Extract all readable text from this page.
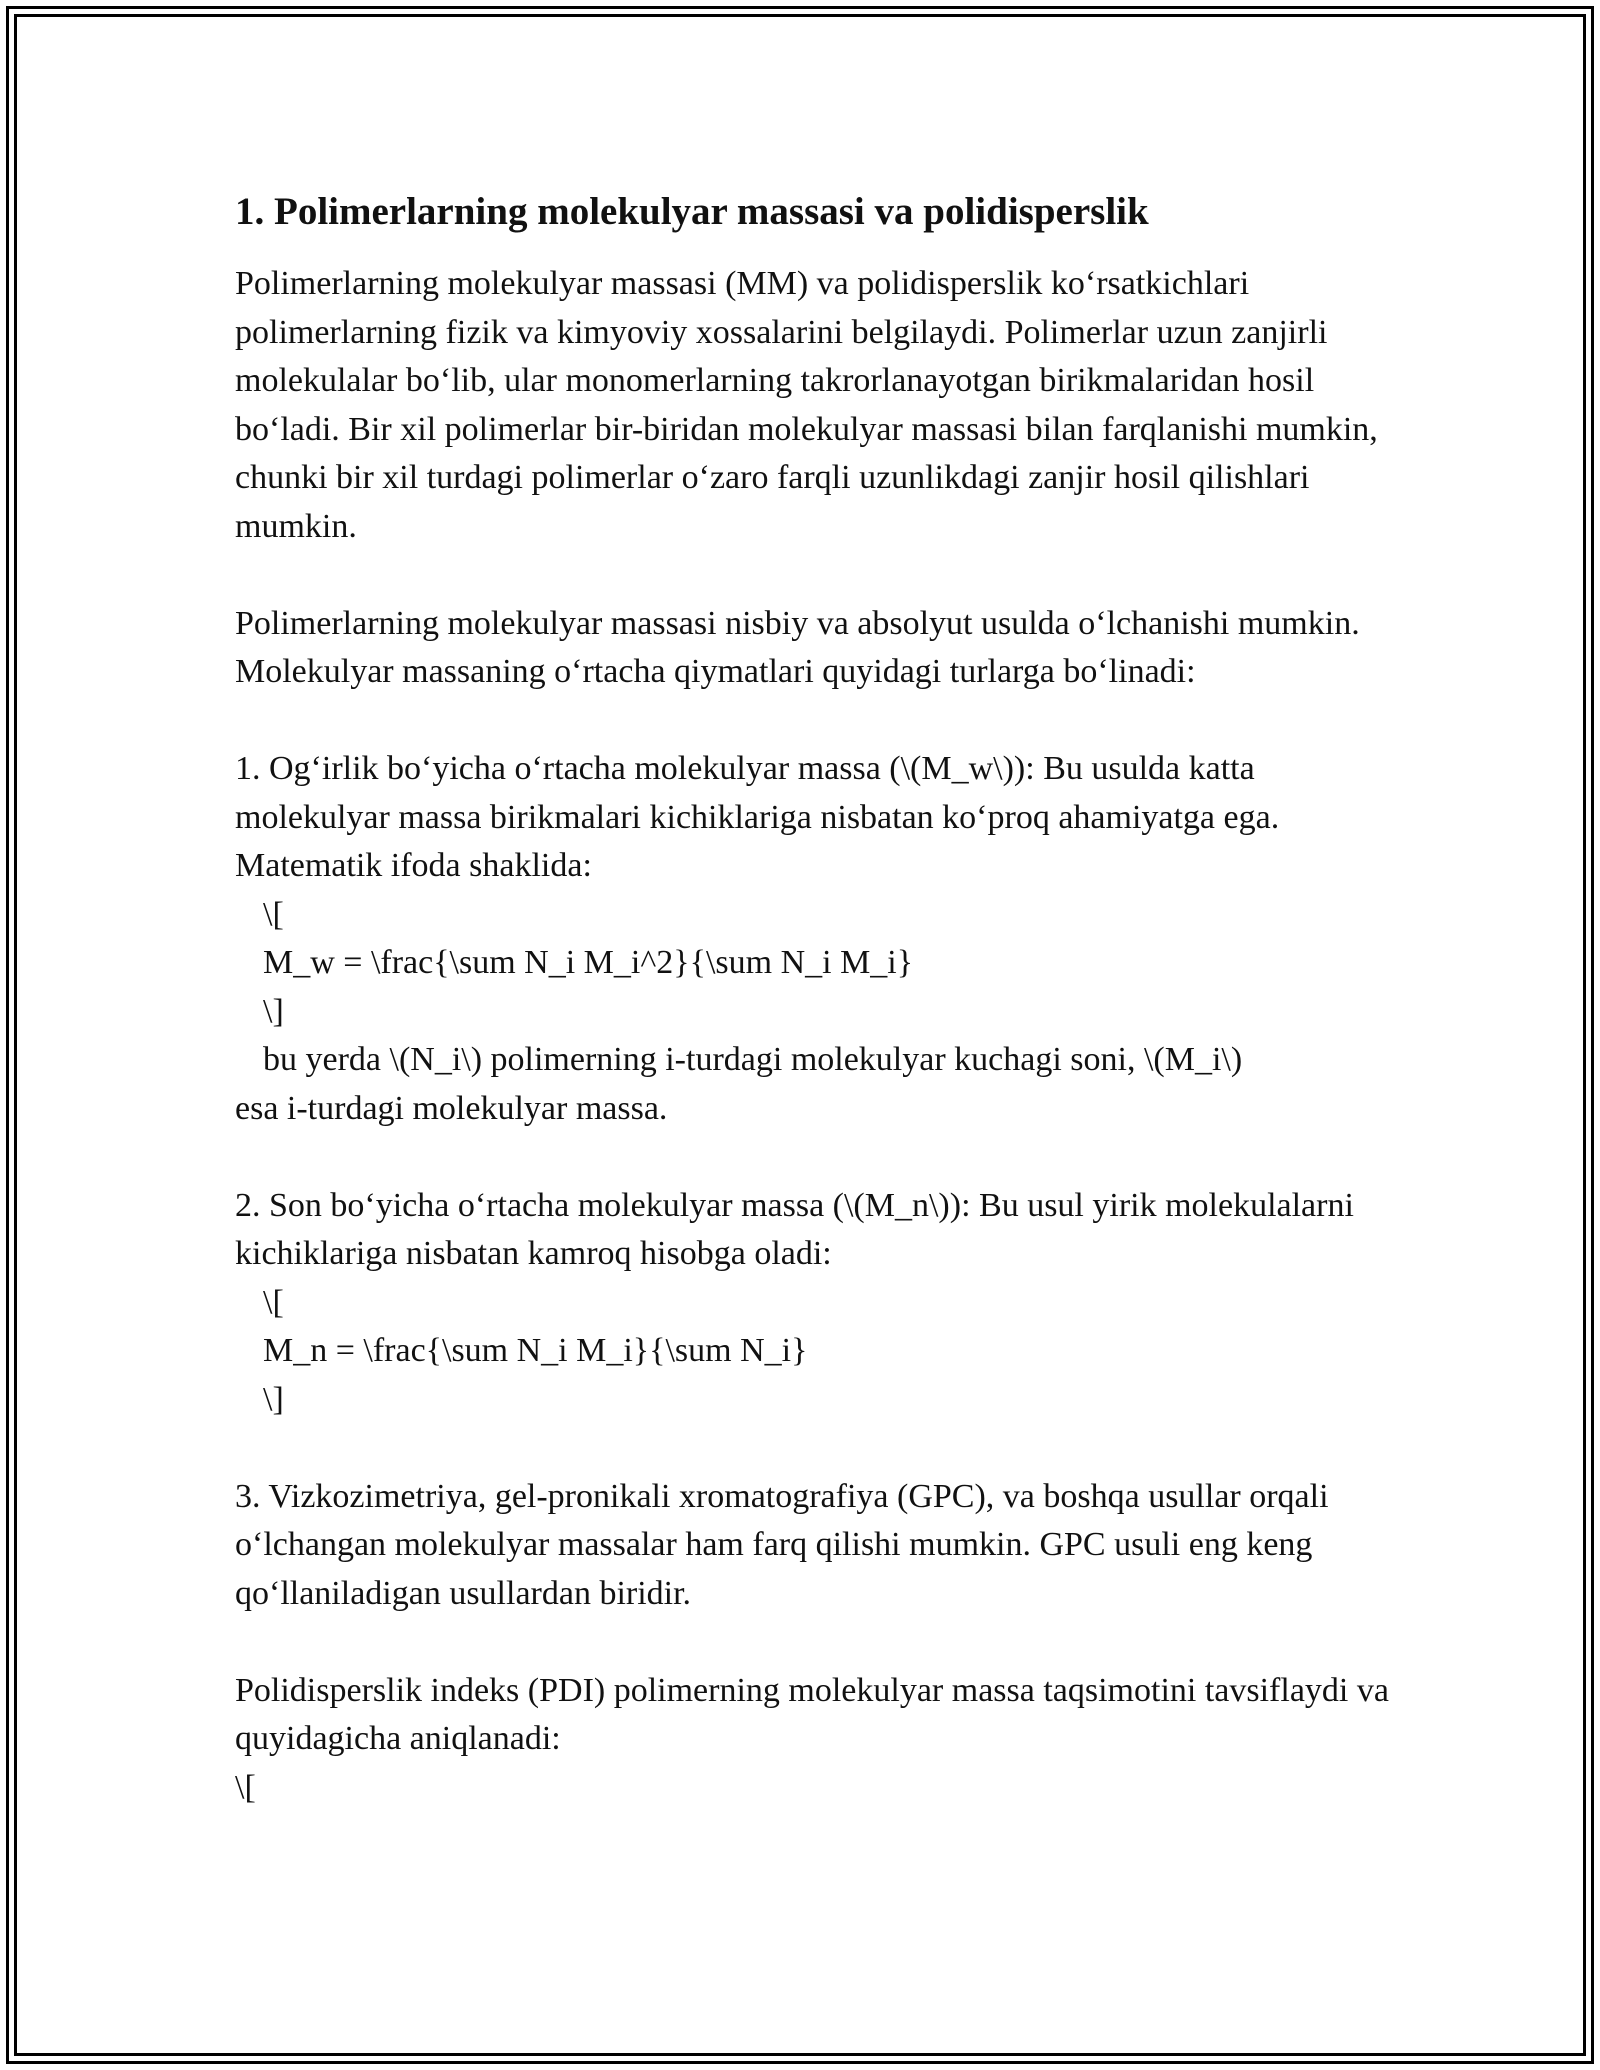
1. Polimerlarning molekulyar massasi va polidisperslik

Polimerlarning molekulyar massasi (MM) va polidisperslik ko‘rsatkichlari polimerlarning fizik va kimyoviy xossalarini belgilaydi. Polimerlar uzun zanjirli molekulalar bo‘lib, ular monomerlarning takrorlanayotgan birikmalaridan hosil bo‘ladi. Bir xil polimerlar bir-biridan molekulyar massasi bilan farqlanishi mumkin, chunki bir xil turdagi polimerlar o‘zaro farqli uzunlikdagi zanjir hosil qilishlari mumkin.

Polimerlarning molekulyar massasi nisbiy va absolyut usulda o‘lchanishi mumkin. Molekulyar massaning o‘rtacha qiymatlari quyidagi turlarga bo‘linadi:

1. Og‘irlik bo‘yicha o‘rtacha molekulyar massa (\(M_w\)): Bu usulda katta molekulyar massa birikmalari kichiklariga nisbatan ko‘proq ahamiyatga ega. Matematik ifoda shaklida:

\[

M_w = \frac{\sum N_i M_i^2}{\sum N_i M_i}

\]

bu yerda \(N_i\) polimerning i-turdagi molekulyar kuchagi soni, \(M_i\)

esa i-turdagi molekulyar massa.

2. Son bo‘yicha o‘rtacha molekulyar massa (\(M_n\)): Bu usul yirik molekulalarni kichiklariga nisbatan kamroq hisobga oladi:

\[

M_n = \frac{\sum N_i M_i}{\sum N_i}

\]

3. Vizkozimetriya, gel-pronikali xromatografiya (GPC), va boshqa usullar orqali o‘lchangan molekulyar massalar ham farq qilishi mumkin. GPC usuli eng keng qo‘llaniladigan usullardan biridir.

Polidisperslik indeks (PDI) polimerning molekulyar massa taqsimotini tavsiflaydi va quyidagicha aniqlanadi:

\[
